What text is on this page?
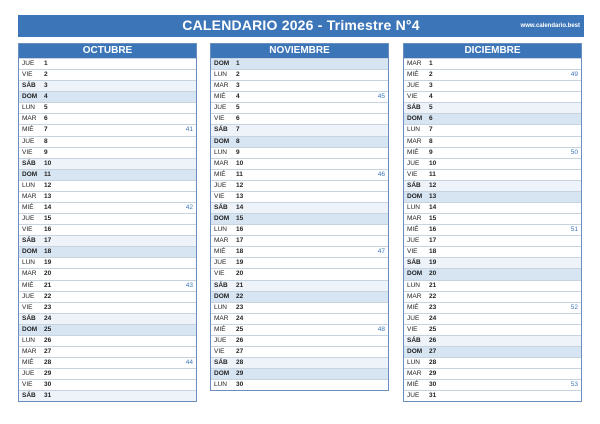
CALENDARIO 2026 - Trimestre N°4	www.calendario.best
OCTUBRE
JUE 1
VIE 2
SÁB 3
DOM 4
LUN 5
MAR 6
MIÉ 7	41
JUE 8
VIE 9
SÁB 10
DOM 11
LUN 12
MAR 13
MIÉ 14	42
JUE 15
VIE 16
SÁB 17
DOM 18
LUN 19
MAR 20
MIÉ 21	43
JUE 22
VIE 23
SÁB 24
DOM 25
LUN 26
MAR 27
MIÉ 28	44
JUE 29
VIE 30
SÁB 31
NOVIEMBRE
DOM 1
LUN 2
MAR 3
MIÉ 4	45
JUE 5
VIE 6
SÁB 7
DOM 8
LUN 9
MAR 10
MIÉ 11	46
JUE 12
VIE 13
SÁB 14
DOM 15
LUN 16
MAR 17
MIÉ 18	47
JUE 19
VIE 20
SÁB 21
DOM 22
LUN 23
MAR 24
MIÉ 25	48
JUE 26
VIE 27
SÁB 28
DOM 29
LUN 30
DICIEMBRE
MAR 1
MIÉ 2	49
JUE 3
VIE 4
SÁB 5
DOM 6
LUN 7
MAR 8
MIÉ 9	50
JUE 10
VIE 11
SÁB 12
DOM 13
LUN 14
MAR 15
MIÉ 16	51
JUE 17
VIE 18
SÁB 19
DOM 20
LUN 21
MAR 22
MIÉ 23	52
JUE 24
VIE 25
SÁB 26
DOM 27
LUN 28
MAR 29
MIÉ 30	53
JUE 31
